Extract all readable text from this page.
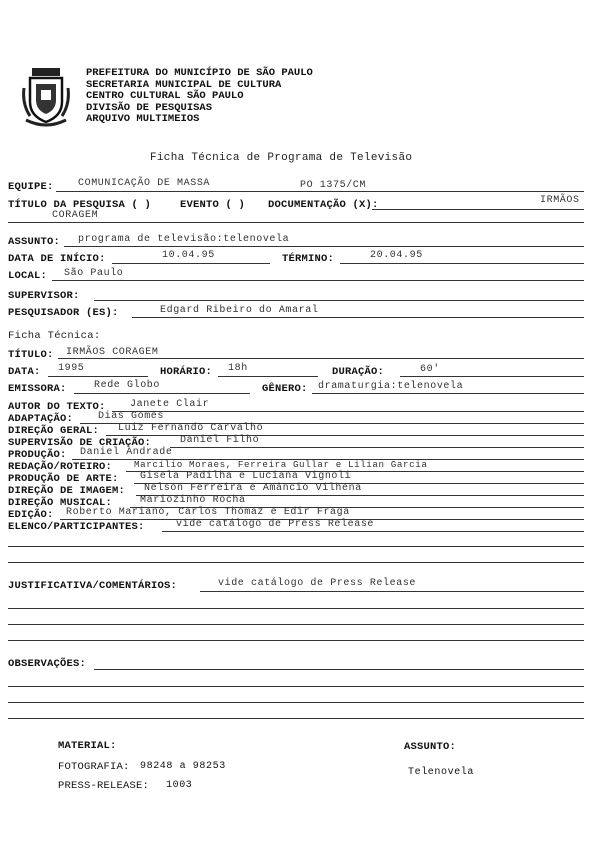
PREFEITURA DO MUNICÍPIO DE SÃO PAULO
SECRETARIA MUNICIPAL DE CULTURA
CENTRO CULTURAL SÃO PAULO
DIVISÃO DE PESQUISAS
ARQUIVO MULTIMEIOS
Ficha Técnica de Programa de Televisão
EQUIPE: COMUNICAÇÃO DE MASSA	PO 1375/CM
TÍTULO DA PESQUISA ( )	EVENTO ( ) DOCUMENTAÇÃO (X):	IRMÃOS
CORAGEM
ASSUNTO: programa de televisão:telenovela
DATA DE INÍCIO:	10.04.95	TÉRMINO:	20.04.95
LOCAL: São Paulo
SUPERVISOR:
PESQUISADOR (ES):	Edgard Ribeiro do Amaral
Ficha Técnica:
TÍTULO: IRMÃOS CORAGEM
DATA: 1995	HORÁRIO: 18h	DURAÇÃO:	60'
EMISSORA:	Rede Globo	GÊNERO: dramaturgia:telenovela
AUTOR DO TEXTO: Janete Clair
ADAPTAÇÃO: Dias Gomes
DIREÇÃO GERAL: Luiz Fernando Carvalho
SUPERVISÃO DE CRIAÇÃO:	Daniel Filho
PRODUÇÃO: Daniel Andrade
REDAÇÃO/ROTEIRO: Marcílio Moraes, Ferreira Gullar e Lilian Garcia
PRODUÇÃO DE ARTE: Gisela Padilha e Luciana Vignoli
DIREÇÃO DE IMAGEM: Nelson Ferreira e Amâncio Vilhena
DIREÇÃO MUSICAL:	Mariozinho Rocha
EDIÇÃO: Roberto Mariano, Carlos Thomaz e Edir Fraga
ELENCO/PARTICIPANTES:	vide catálogo de Press Release
JUSTIFICATIVA/COMENTÁRIOS:	vide catálogo de Press Release
OBSERVAÇÕES:
MATERIAL:
FOTOGRAFIA: 98248 a 98253
PRESS-RELEASE: 1003
ASSUNTO:
Telenovela
